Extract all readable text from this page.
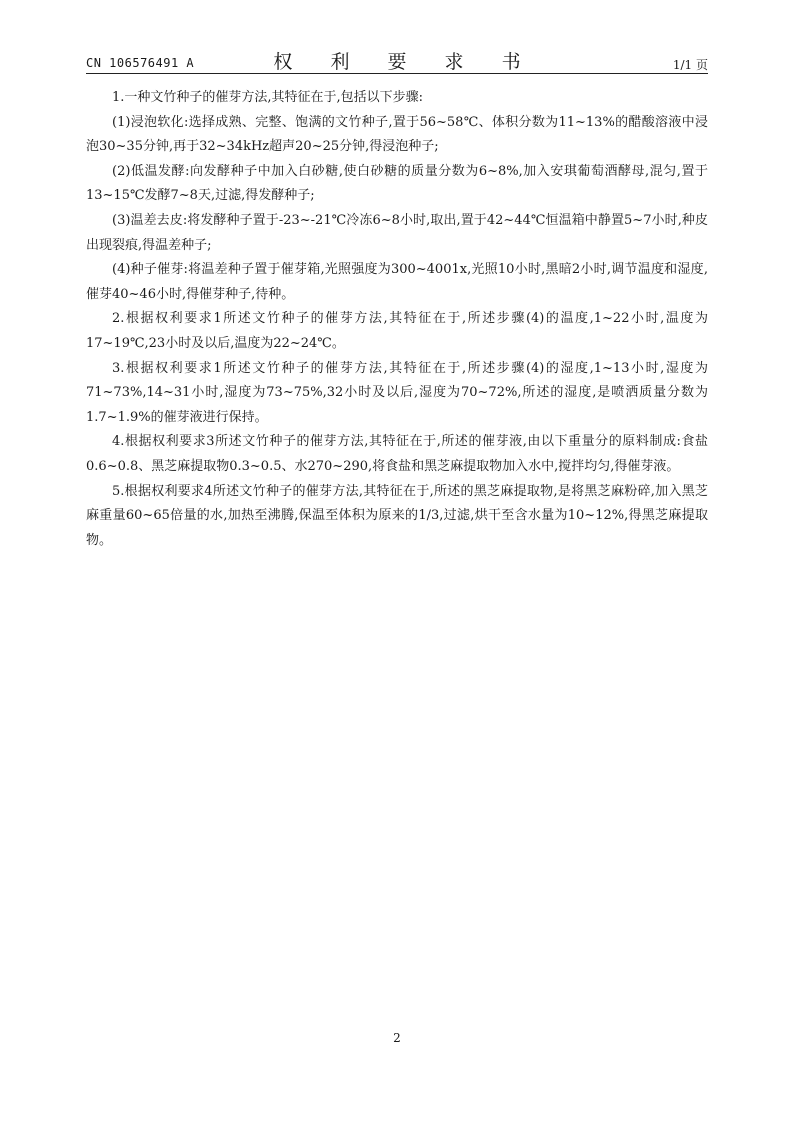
CN 106576491 A	权 利 要 求 书	1/1 页

1.一种文竹种子的催芽方法,其特征在于,包括以下步骤:

(1)浸泡软化:选择成熟、完整、饱满的文竹种子,置于56~58℃、体积分数为11~13%的醋酸溶液中浸泡30~35分钟,再于32~34kHz超声20~25分钟,得浸泡种子;

(2)低温发酵:向发酵种子中加入白砂糖,使白砂糖的质量分数为6~8%,加入安琪葡萄酒酵母,混匀,置于13~15℃发酵7~8天,过滤,得发酵种子;

(3)温差去皮:将发酵种子置于-23~-21℃冷冻6~8小时,取出,置于42~44℃恒温箱中静置5~7小时,种皮出现裂痕,得温差种子;

(4)种子催芽:将温差种子置于催芽箱,光照强度为300~4001x,光照10小时,黑暗2小时,调节温度和湿度,催芽40~46小时,得催芽种子,待种。

2.根据权利要求1所述文竹种子的催芽方法,其特征在于,所述步骤(4)的温度,1~22小时,温度为17~19℃,23小时及以后,温度为22~24℃。

3.根据权利要求1所述文竹种子的催芽方法,其特征在于,所述步骤(4)的湿度,1~13小时,湿度为71~73%,14~31小时,湿度为73~75%,32小时及以后,湿度为70~72%,所述的湿度,是喷洒质量分数为1.7~1.9%的催芽液进行保持。

4.根据权利要求3所述文竹种子的催芽方法,其特征在于,所述的催芽液,由以下重量分的原料制成:食盐0.6~0.8、黑芝麻提取物0.3~0.5、水270~290,将食盐和黑芝麻提取物加入水中,搅拌均匀,得催芽液。

5.根据权利要求4所述文竹种子的催芽方法,其特征在于,所述的黑芝麻提取物,是将黑芝麻粉碎,加入黑芝麻重量60~65倍量的水,加热至沸腾,保温至体积为原来的1/3,过滤,烘干至含水量为10~12%,得黑芝麻提取物。

2
